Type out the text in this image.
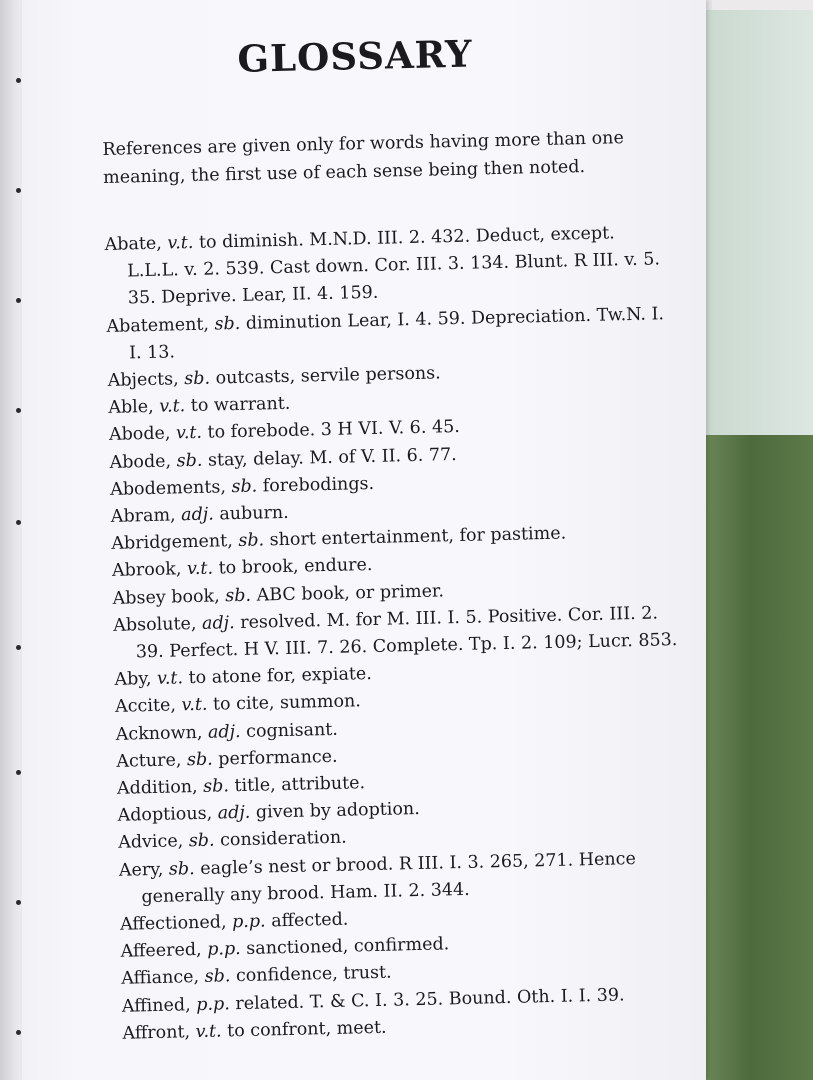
GLOSSARY
References are given only for words having more than one meaning, the first use of each sense being then noted.
Abate, v.t. to diminish. M.N.D. III. 2. 432. Deduct, except. L.L.L. v. 2. 539. Cast down. Cor. III. 3. 134. Blunt. R III. v. 5. 35. Deprive. Lear, II. 4. 159.
Abatement, sb. diminution Lear, I. 4. 59. Depreciation. Tw.N. I. I. 13.
Abjects, sb. outcasts, servile persons.
Able, v.t. to warrant.
Abode, v.t. to forebode. 3 H VI. V. 6. 45.
Abode, sb. stay, delay. M. of V. II. 6. 77.
Abodements, sb. forebodings.
Abram, adj. auburn.
Abridgement, sb. short entertainment, for pastime.
Abrook, v.t. to brook, endure.
Absey book, sb. ABC book, or primer.
Absolute, adj. resolved. M. for M. III. I. 5. Positive. Cor. III. 2. 39. Perfect. H V. III. 7. 26. Complete. Tp. I. 2. 109; Lucr. 853.
Aby, v.t. to atone for, expiate.
Accite, v.t. to cite, summon.
Acknown, adj. cognisant.
Acture, sb. performance.
Addition, sb. title, attribute.
Adoptious, adj. given by adoption.
Advice, sb. consideration.
Aery, sb. eagle’s nest or brood. R III. I. 3. 265, 271. Hence generally any brood. Ham. II. 2. 344.
Affectioned, p.p. affected.
Affeered, p.p. sanctioned, confirmed.
Affiance, sb. confidence, trust.
Affined, p.p. related. T. & C. I. 3. 25. Bound. Oth. I. I. 39.
Affront, v.t. to confront, meet.
